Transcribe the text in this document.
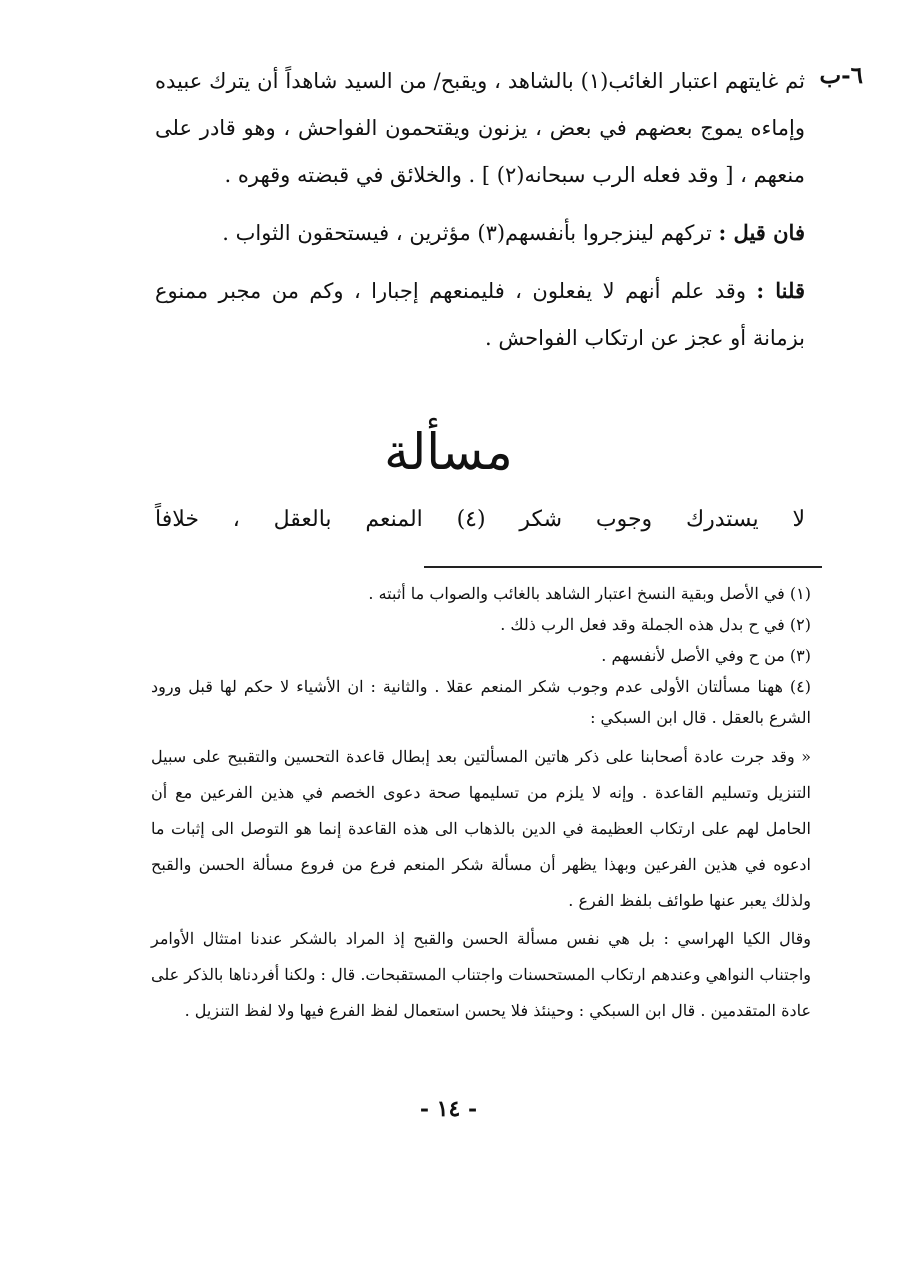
٦-ب

ثم غايتهم اعتبار الغائب(١) بالشاهد ، ويقبح/ من السيد شاهداً أن يترك عبيده وإماءه يموج بعضهم في بعض ، يزنون ويقتحمون الفواحش ، وهو قادر على منعهم ، [ وقد فعله الرب سبحانه(٢) ] . والخلائق في قبضته وقهره .

فان قيل : تركهم لينزجروا بأنفسهم(٣) مؤثرين ، فيستحقون الثواب .

قلنا : وقد علم أنهم لا يفعلون ، فليمنعهم إجبارا ، وكم من مجبر ممنوع بزمانة أو عجز عن ارتكاب الفواحش .

مسألة
لا يستدرك وجوب شكر (٤) المنعم بالعقل ، خلافاً

(١) في الأصل وبقية النسخ اعتبار الشاهد بالغائب والصواب ما أثبته .

(٢) في ح بدل هذه الجملة وقد فعل الرب ذلك .

(٣) من ح وفي الأصل لأنفسهم .

(٤) ههنا مسألتان الأولى عدم وجوب شكر المنعم عقلا . والثانية : ان الأشياء لا حكم لها قبل ورود الشرع بالعقل . قال ابن السبكي :

« وقد جرت عادة أصحابنا على ذكر هاتين المسألتين بعد إبطال قاعدة التحسين والتقبيح على سبيل التنزيل وتسليم القاعدة . وإنه لا يلزم من تسليمها صحة دعوى الخصم في هذين الفرعين مع أن الحامل لهم على ارتكاب العظيمة في الدين بالذهاب الى هذه القاعدة إنما هو التوصل الى إثبات ما ادعوه في هذين الفرعين وبهذا يظهر أن مسألة شكر المنعم فرع من فروع مسألة الحسن والقبح ولذلك يعبر عنها طوائف بلفظ الفرع .

وقال الكيا الهراسي : بل هي نفس مسألة الحسن والقبح إذ المراد بالشكر عندنا امتثال الأوامر واجتناب النواهي وعندهم ارتكاب المستحسنات واجتناب المستقبحات. قال : ولكنا أفردناها بالذكر على عادة المتقدمين . قال ابن السبكي : وحينئذ فلا يحسن استعمال لفظ الفرع فيها ولا لفظ التنزيل .

- ١٤ -
